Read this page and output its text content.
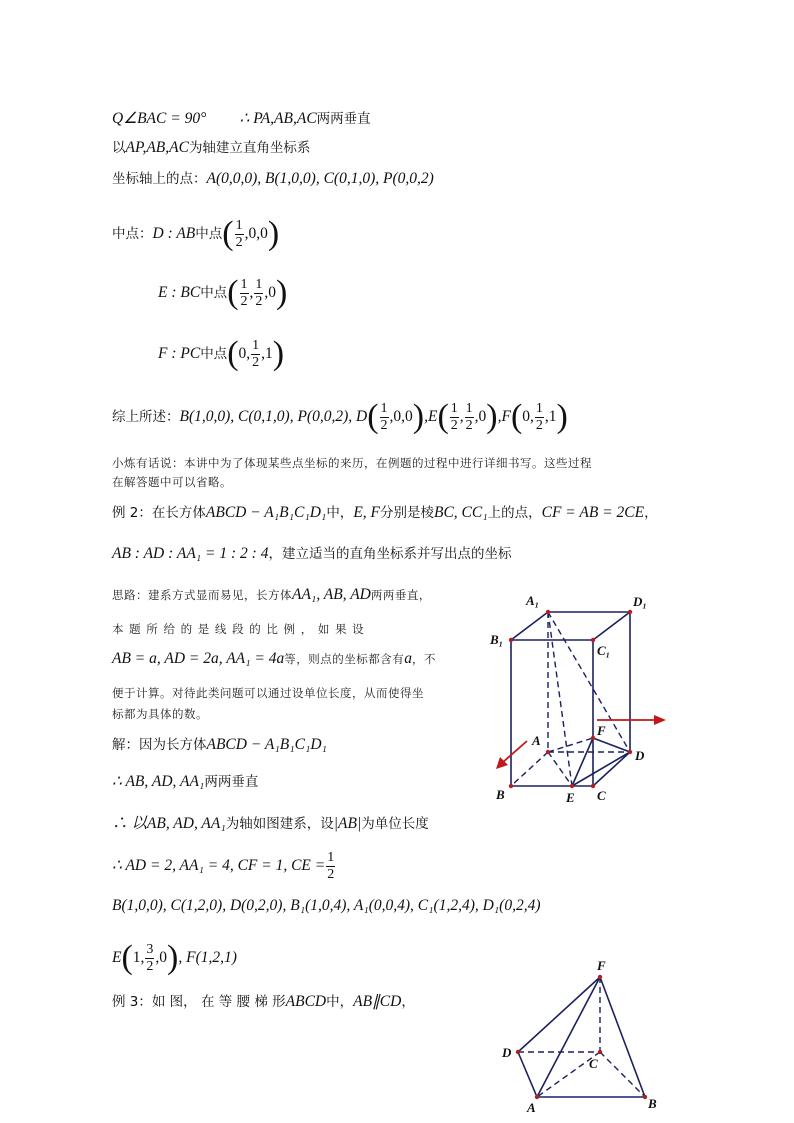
Q∠BAC = 90° ∴ PA,AB,AC两两垂直
以AP,AB,AC为轴建立直角坐标系
坐标轴上的点：A(0,0,0), B(1,0,0), C(0,1,0), P(0,0,2)
中点：D : AB中点( $\frac{1}{2} ,0,0$)
E : BC中点( $\frac{1}{2}$ , $\frac{1}{2} ,0$)
F : PC中点(0, $\frac{1}{2} ,1$)
综上所述：B(1,0,0), C(0,1,0), P(0,0,2), $D( \frac{1}{2} ,0,0),E( \frac{1}{2}$ , $\frac{1}{2} ,0),F(0$, $\frac{1}{2} ,1$)
小炼有话说：本讲中为了体现某些点坐标的来历，在例题的过程中进行详细书写。这些过程
在解答题中可以省略。
例 2：在长方体ABCD − A₁B₁C₁D₁中，E, F分别是棱BC, CC₁上的点，CF = AB = 2CE，
AB : AD : AA₁ = 1 : 2 : 4，建立适当的直角坐标系并写出点的坐标
思路：建系方式显而易见，长方体AA₁, AB, AD两两垂直，
本 题 所 给 的 是 线 段 的 比 例 ， 如 果 设
AB = a, AD = 2a, AA₁ = 4a等，则点的坐标都含有a，不
便于计算。对待此类问题可以通过设单位长度，从而使得坐
标都为具体的数。
解：因为长方体ABCD − A₁B₁C₁D₁
∴ AB, AD, AA₁两两垂直
∴ 以AB, AD, AA₁为轴如图建系，设|AB|为单位长度
∴ AD = 2, AA₁ = 4, CF = 1, CE = $\frac{1}{2}$
B(1,0,0), C(1,2,0), D(0,2,0), B₁(1,0,4), A₁(0,0,4), C₁(1,2,4), D₁(0,2,4)
E(1, $\frac{3}{2} ,0$), F(1,2,1)
例 3：如 图， 在 等 腰 梯 形ABCD中，AB∥CD，
A₁	D₁
B₁
C₁
A
F
D
B	E C
F
D
C
A	B
